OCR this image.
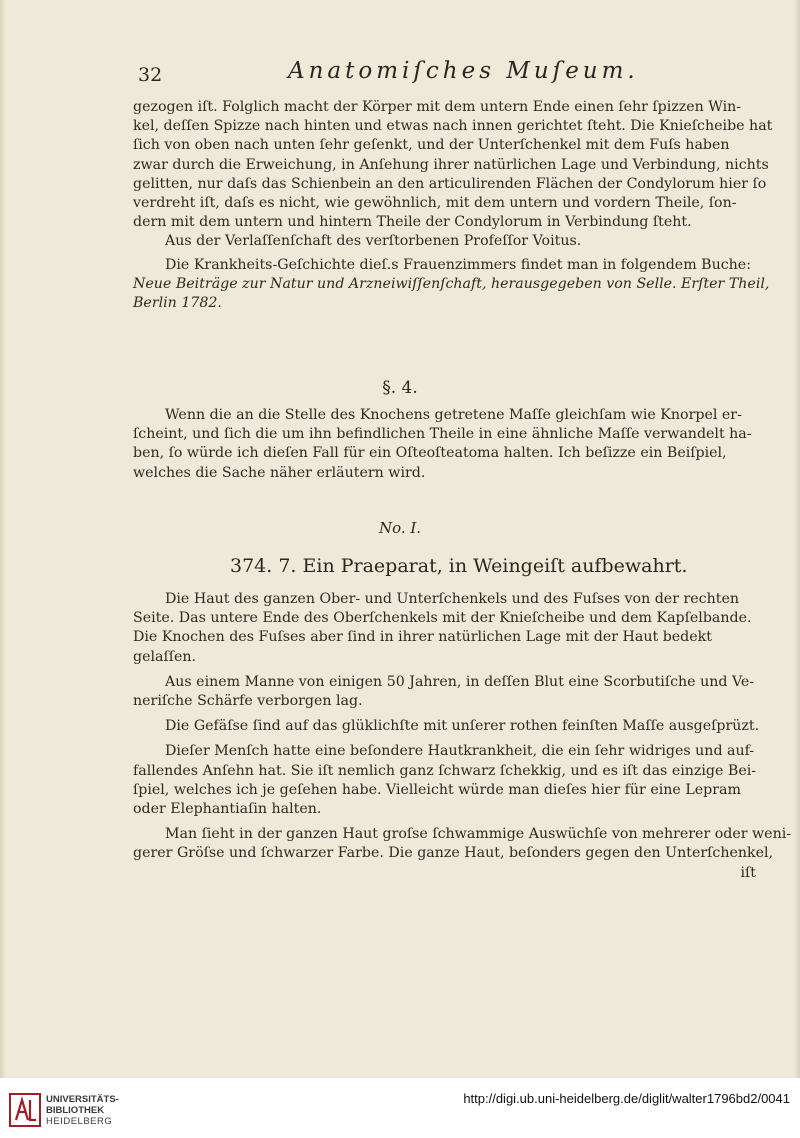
32	Anatomiſches Muſeum.
gezogen iſt. Folglich macht der Körper mit dem untern Ende einen ſehr ſpizzen Win-
kel, deſſen Spizze nach hinten und etwas nach innen gerichtet ſteht. Die Knieſcheibe hat
ſich von oben nach unten ſehr geſenkt, und der Unterſchenkel mit dem Fuſs haben
zwar durch die Erweichung, in Anſehung ihrer natürlichen Lage und Verbindung, nichts
gelitten, nur daſs das Schienbein an den articulirenden Flächen der Condylorum hier ſo
verdreht iſt, daſs es nicht, wie gewöhnlich, mit dem untern und vordern Theile, ſon-
dern mit dem untern und hintern Theile der Condylorum in Verbindung ſteht.
Aus der Verlaſſenſchaft des verſtorbenen Profeſſor Voitus.
Die Krankheits-Geſchichte dieſ.s Frauenzimmers findet man in folgendem Buche:
Neue Beiträge zur Natur und Arzneiwiſſenſchaft, herausgegeben von Selle. Erſter Theil,
Berlin 1782.
§. 4.
Wenn die an die Stelle des Knochens getretene Maſſe gleichſam wie Knorpel er-
ſcheint, und ſich die um ihn befindlichen Theile in eine ähnliche Maſſe verwandelt ha-
ben, ſo würde ich dieſen Fall für ein Oſteoſteatoma halten. Ich beſizze ein Beiſpiel,
welches die Sache näher erläutern wird.
No. I.
374. 7. Ein Praeparat, in Weingeiſt aufbewahrt.
Die Haut des ganzen Ober- und Unterſchenkels und des Fuſses von der rechten
Seite. Das untere Ende des Oberſchenkels mit der Knieſcheibe und dem Kapſelbande.
Die Knochen des Fuſses aber ſind in ihrer natürlichen Lage mit der Haut bedekt
gelaſſen.
Aus einem Manne von einigen 50 Jahren, in deſſen Blut eine Scorbutiſche und Ve-
neriſche Schärfe verborgen lag.
Die Gefäſse ſind auf das glüklichſte mit unſerer rothen feinſten Maſſe ausgeſprüzt.
Dieſer Menſch hatte eine beſondere Hautkrankheit, die ein ſehr widriges und auf-
fallendes Anſehn hat. Sie iſt nemlich ganz ſchwarz ſchekkig, und es iſt das einzige Bei-
ſpiel, welches ich je geſehen habe. Vielleicht würde man dieſes hier für eine Lepram
oder Elephantiaſin halten.
Man ſieht in der ganzen Haut groſse ſchwammige Auswüchſe von mehrerer oder weni-
gerer Gröſse und ſchwarzer Farbe. Die ganze Haut, beſonders gegen den Unterſchenkel,
iſt
UNIVERSITÄTS-
BIBLIOTHEK
HEIDELBERG
http://digi.ub.uni-heidelberg.de/diglit/walter1796bd2/0041
